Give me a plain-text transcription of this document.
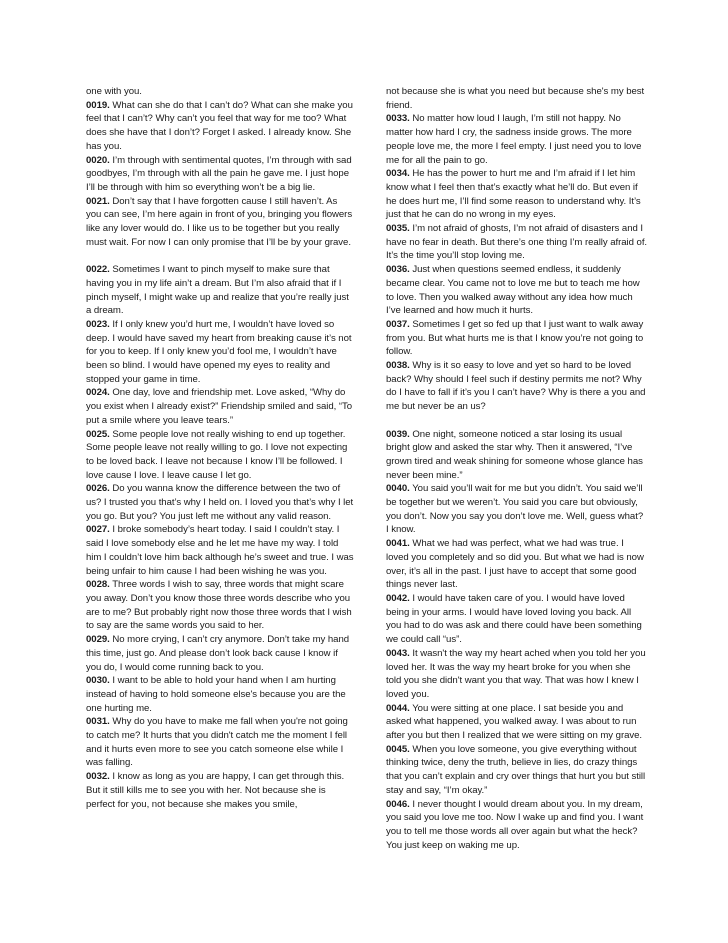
one with you.

0019. What can she do that I can’t do? What can she make you feel that I can’t? Why can’t you feel that way for me too? What does she have that I don’t? Forget I asked. I already know. She has you.

0020. I’m through with sentimental quotes, I’m through with sad goodbyes, I’m through with all the pain he gave me. I just hope I’ll be through with him so everything won’t be a big lie.

0021. Don’t say that I have forgotten cause I still haven’t. As you can see, I’m here again in front of you, bringing you flowers like any lover would do. I like us to be together but you really must wait. For now I can only promise that I’ll be by your grave.

0022. Sometimes I want to pinch myself to make sure that having you in my life ain’t a dream. But I’m also afraid that if I pinch myself, I might wake up and realize that you’re really just a dream.

0023. If I only knew you’d hurt me, I wouldn’t have loved so deep. I would have saved my heart from breaking cause it’s not for you to keep. If I only knew you’d fool me, I wouldn’t have been so blind. I would have opened my eyes to reality and stopped your game in time.

0024. One day, love and friendship met. Love asked, “Why do you exist when I already exist?” Friendship smiled and said, “To put a smile where you leave tears.”

0025. Some people love not really wishing to end up together. Some people leave not really willing to go. I love not expecting to be loved back. I leave not because I know I’ll be followed. I love cause I love. I leave cause I let go.

0026. Do you wanna know the difference between the two of us? I trusted you that’s why I held on. I loved you that’s why I let you go. But you? You just left me without any valid reason.

0027. I broke somebody’s heart today. I said I couldn’t stay. I said I love somebody else and he let me have my way. I told him I couldn’t love him back although he’s sweet and true. I was being unfair to him cause I had been wishing he was you.

0028. Three words I wish to say, three words that might scare you away. Don’t you know those three words describe who you are to me? But probably right now those three words that I wish to say are the same words you said to her.

0029. No more crying, I can’t cry anymore. Don’t take my hand this time, just go. And please don’t look back cause I know if you do, I would come running back to you.

0030. I want to be able to hold your hand when I am hurting instead of having to hold someone else's because you are the one hurting me.

0031. Why do you have to make me fall when you're not going to catch me? It hurts that you didn't catch me the moment I fell and it hurts even more to see you catch someone else while I was falling.

0032. I know as long as you are happy, I can get through this. But it still kills me to see you with her. Not because she is perfect for you, not because she makes you smile,

not because she is what you need but because she's my best friend.

0033. No matter how loud I laugh, I’m still not happy. No matter how hard I cry, the sadness inside grows. The more people love me, the more I feel empty. I just need you to love me for all the pain to go.

0034. He has the power to hurt me and I’m afraid if I let him know what I feel then that’s exactly what he’ll do. But even if he does hurt me, I’ll find some reason to understand why. It’s just that he can do no wrong in my eyes.

0035. I’m not afraid of ghosts, I’m not afraid of disasters and I have no fear in death. But there’s one thing I’m really afraid of. It’s the time you’ll stop loving me.

0036. Just when questions seemed endless, it suddenly became clear. You came not to love me but to teach me how to love. Then you walked away without any idea how much I’ve learned and how much it hurts.

0037. Sometimes I get so fed up that I just want to walk away from you. But what hurts me is that I know you’re not going to follow.

0038. Why is it so easy to love and yet so hard to be loved back? Why should I feel such if destiny permits me not? Why do I have to fall if it’s you I can’t have? Why is there a you and me but never be an us?

0039. One night, someone noticed a star losing its usual bright glow and asked the star why. Then it answered, “I’ve grown tired and weak shining for someone whose glance has never been mine.”

0040. You said you’ll wait for me but you didn’t. You said we’ll be together but we weren’t. You said you care but obviously, you don’t. Now you say you don’t love me. Well, guess what? I know.

0041. What we had was perfect, what we had was true. I loved you completely and so did you. But what we had is now over, it’s all in the past. I just have to accept that some good things never last.

0042. I would have taken care of you. I would have loved being in your arms. I would have loved loving you back. All you had to do was ask and there could have been something we could call “us”.

0043. It wasn't the way my heart ached when you told her you loved her. It was the way my heart broke for you when she told you she didn't want you that way. That was how I knew I loved you.

0044. You were sitting at one place. I sat beside you and asked what happened, you walked away. I was about to run after you but then I realized that we were sitting on my grave.

0045. When you love someone, you give everything without thinking twice, deny the truth, believe in lies, do crazy things that you can’t explain and cry over things that hurt you but still stay and say, “I’m okay.”

0046. I never thought I would dream about you. In my dream, you said you love me too. Now I wake up and find you. I want you to tell me those words all over again but what the heck? You just keep on waking me up.
